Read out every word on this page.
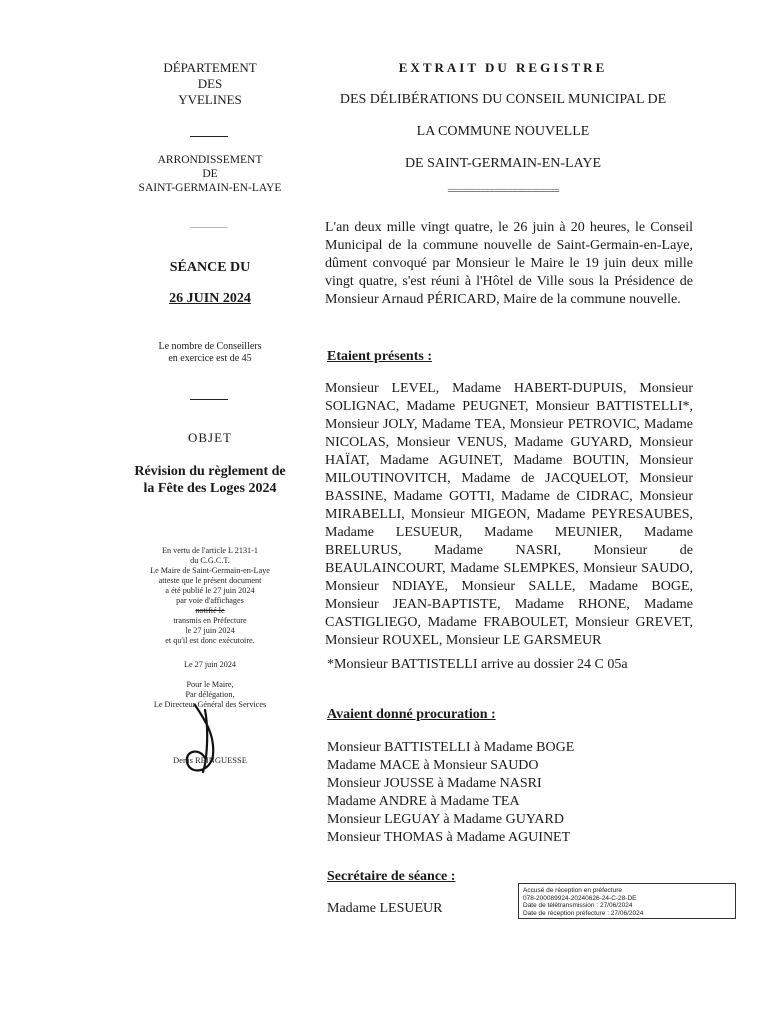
DÉPARTEMENT
DES
YVELINES
ARRONDISSEMENT
DE
SAINT-GERMAIN-EN-LAYE
SÉANCE DU
26 JUIN 2024
Le nombre de Conseillers
en exercice est de 45
OBJET
Révision du règlement de
la Fête des Loges 2024
En vertu de l'article L 2131-1
du C.G.C.T.
Le Maire de Saint-Germain-en-Laye
atteste que le présent document
a été publié le 27 juin 2024
par voie d'affichages
notifié le
transmis en Préfecture
le 27 juin 2024
et qu'il est donc exécutoire.
Le 27 juin 2024
Pour le Maire,
Par délégation,
Le Directeur Général des Services
Denis REINGUESSE
EXTRAIT DU REGISTRE
DES DÉLIBÉRATIONS DU CONSEIL MUNICIPAL DE
LA COMMUNE NOUVELLE
DE SAINT-GERMAIN-EN-LAYE
========================
L'an deux mille vingt quatre, le 26 juin à 20 heures, le Conseil Municipal de la commune nouvelle de Saint-Germain-en-Laye, dûment convoqué par Monsieur le Maire le 19 juin deux mille vingt quatre, s'est réuni à l'Hôtel de Ville sous la Présidence de Monsieur Arnaud PÉRICARD, Maire de la commune nouvelle.
Etaient présents :
Monsieur LEVEL, Madame HABERT-DUPUIS, Monsieur SOLIGNAC, Madame PEUGNET, Monsieur BATTISTELLI*, Monsieur JOLY, Madame TEA, Monsieur PETROVIC, Madame NICOLAS, Monsieur VENUS, Madame GUYARD, Monsieur HAÏAT, Madame AGUINET, Madame BOUTIN, Monsieur MILOUTINOVITCH, Madame de JACQUELOT, Monsieur BASSINE, Madame GOTTI, Madame de CIDRAC, Monsieur MIRABELLI, Monsieur MIGEON, Madame PEYRESAUBES, Madame LESUEUR, Madame MEUNIER, Madame BRELURUS, Madame NASRI, Monsieur de BEAULAINCOURT, Madame SLEMPKES, Monsieur SAUDO, Monsieur NDIAYE, Monsieur SALLE, Madame BOGE, Monsieur JEAN-BAPTISTE, Madame RHONE, Madame CASTIGLIEGO, Madame FRABOULET, Monsieur GREVET, Monsieur ROUXEL, Monsieur LE GARSMEUR
*Monsieur BATTISTELLI arrive au dossier 24 C 05a
Avaient donné procuration :
Monsieur BATTISTELLI à Madame BOGE
Madame MACE à Monsieur SAUDO
Monsieur JOUSSE à Madame NASRI
Madame ANDRE à Madame TEA
Monsieur LEGUAY à Madame GUYARD
Monsieur THOMAS à Madame AGUINET
Secrétaire de séance :
Madame LESUEUR
Accusé de réception en préfecture
078-200089924-20240626-24-C-28-DE
Date de télétransmission : 27/06/2024
Date de réception préfecture : 27/06/2024
